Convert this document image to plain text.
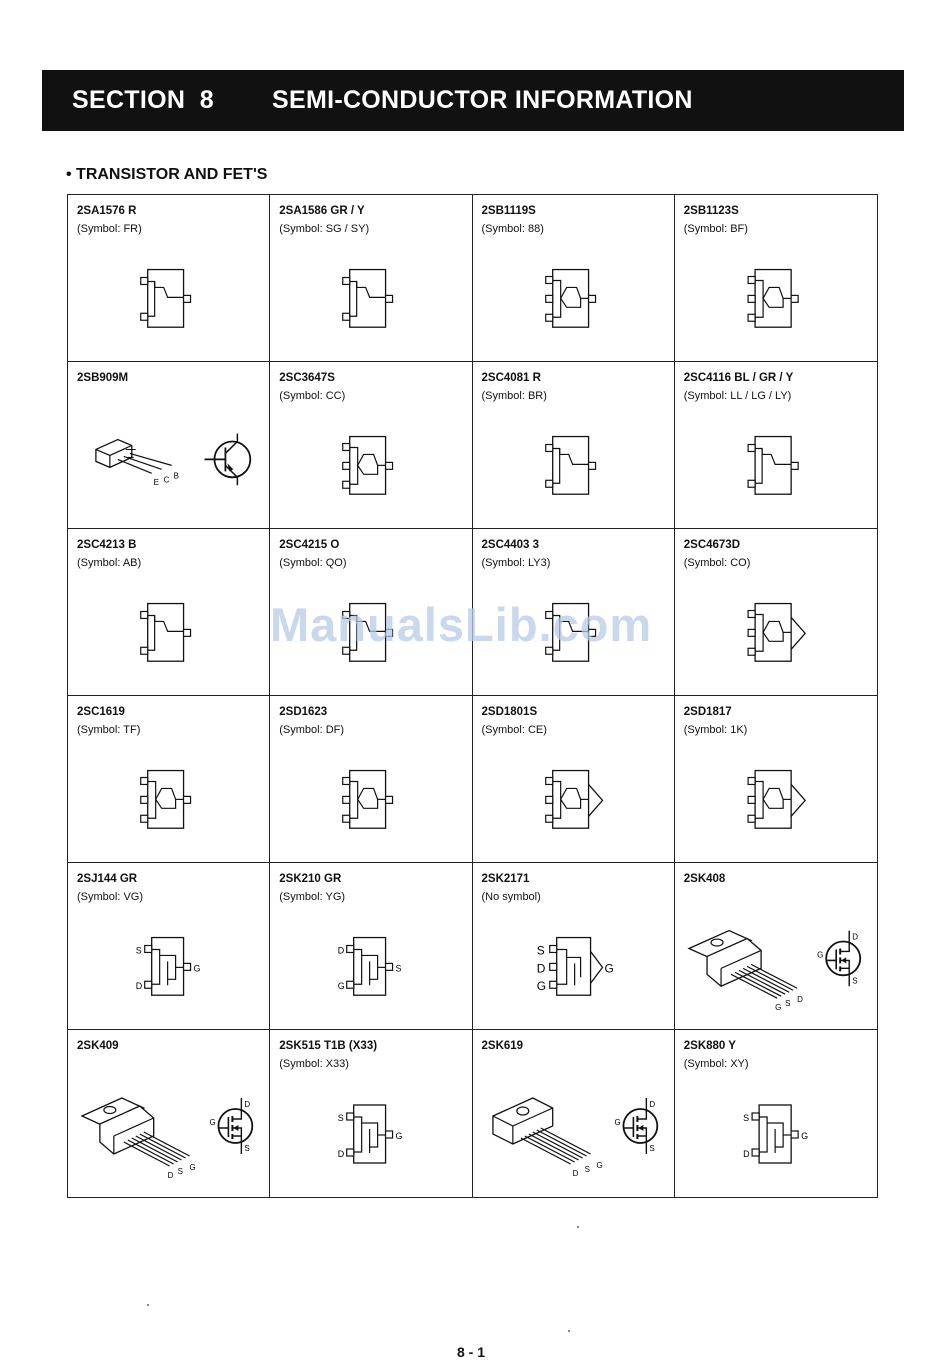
SECTION  8 SEMI-CONDUCTOR INFORMATION
• TRANSISTOR AND FET'S
2SA1576 R
(Symbol: FR)
2SA1586 GR / Y
(Symbol: SG / SY)
2SB1119S
(Symbol: 88)
2SB1123S
(Symbol: BF)
2SB909M
E C B
2SC3647S
(Symbol: CC)
2SC4081 R
(Symbol: BR)
2SC4116 BL / GR / Y
(Symbol: LL / LG / LY)
2SC4213 B
(Symbol: AB)
2SC4215 O
(Symbol: QO)
2SC4403 3
(Symbol: LY3)
2SC4673D
(Symbol: CO)
2SC1619
(Symbol: TF)
2SD1623
(Symbol: DF)
2SD1801S
(Symbol: CE)
2SD1817
(Symbol: 1K)
2SJ144 GR
(Symbol: VG)
S
D
G
2SK210 GR
(Symbol: YG)
D
G
S
2SK2171
(No symbol)
S
D
G
G
2SK408
G S D
D
G
S
2SK409
D S G
D
G
S
2SK515 T1B (X33)
(Symbol: X33)
S
D
G
2SK619
D S G
D
G
S
2SK880 Y
(Symbol: XY)
S
D
G
ManualsLib.com
8 - 1
